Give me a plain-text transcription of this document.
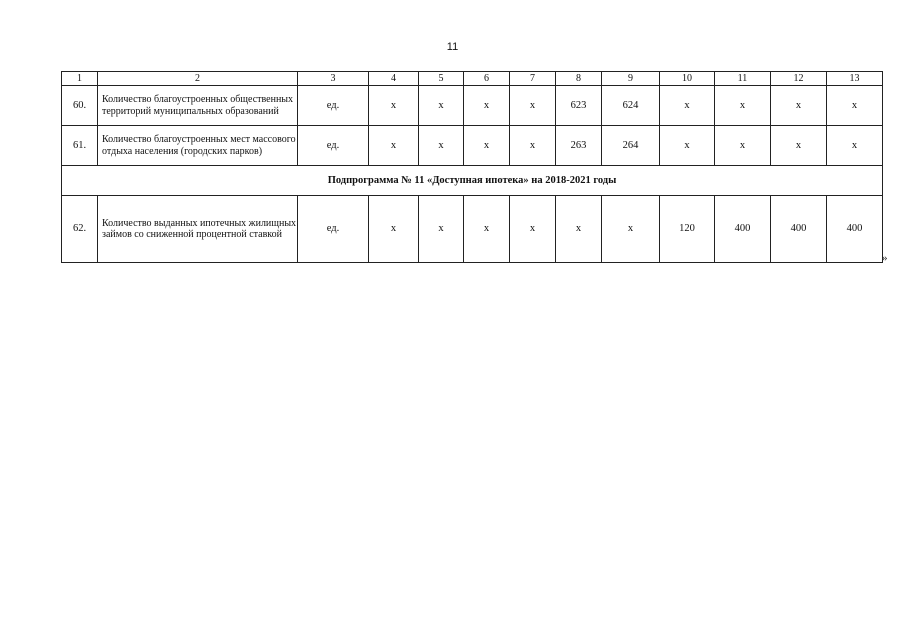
11
1	2	3	4	5	6	7	8	9	10	11	12	13
60.	Количество благоустроенных общественных территорий муниципальных образований	ед.	х	х	х	х	623	624	х	х	х	х
61.	Количество благоустроенных мест массового отдыха населения (городских парков)	ед.	х	х	х	х	263	264	х	х	х	х
Подпрограмма № 11 «Доступная ипотека» на 2018-2021 годы												
62.	Количество выданных ипотечных жилищных займов со сниженной процентной ставкой	ед.	х	х	х	х	х	х	120	400	400	400
»
